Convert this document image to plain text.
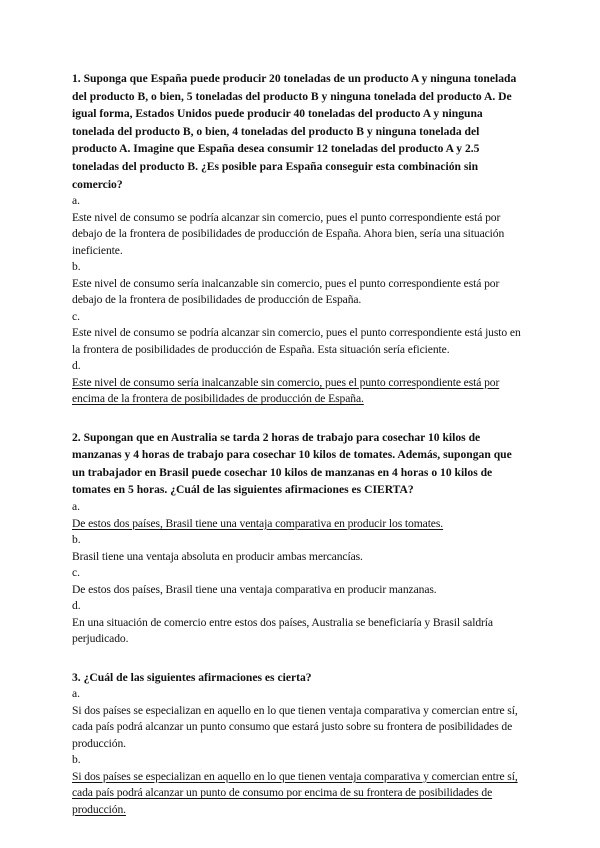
1. Suponga que España puede producir 20 toneladas de un producto A y ninguna tonelada del producto B, o bien, 5 toneladas del producto B y ninguna tonelada del producto A. De igual forma, Estados Unidos puede producir 40 toneladas del producto A y ninguna tonelada del producto B, o bien, 4 toneladas del producto B y ninguna tonelada del producto A. Imagine que España desea consumir 12 toneladas del producto A y 2.5 toneladas del producto B. ¿Es posible para España conseguir esta combinación sin comercio?

a.

Este nivel de consumo se podría alcanzar sin comercio, pues el punto correspondiente está por debajo de la frontera de posibilidades de producción de España. Ahora bien, sería una situación ineficiente.

b.

Este nivel de consumo sería inalcanzable sin comercio, pues el punto correspondiente está por debajo de la frontera de posibilidades de producción de España.

c.

Este nivel de consumo se podría alcanzar sin comercio, pues el punto correspondiente está justo en la frontera de posibilidades de producción de España. Esta situación sería eficiente.

d.

Este nivel de consumo sería inalcanzable sin comercio, pues el punto correspondiente está por encima de la frontera de posibilidades de producción de España.

2. Supongan que en Australia se tarda 2 horas de trabajo para cosechar 10 kilos de manzanas y 4 horas de trabajo para cosechar 10 kilos de tomates. Además, supongan que un trabajador en Brasil puede cosechar 10 kilos de manzanas en 4 horas o 10 kilos de tomates en 5 horas. ¿Cuál de las siguientes afirmaciones es CIERTA?

a.

De estos dos países, Brasil tiene una ventaja comparativa en producir los tomates.

b.

Brasil tiene una ventaja absoluta en producir ambas mercancías.

c.

De estos dos países, Brasil tiene una ventaja comparativa en producir manzanas.

d.

En una situación de comercio entre estos dos países, Australia se beneficiaría y Brasil saldría perjudicado.

3. ¿Cuál de las siguientes afirmaciones es cierta?

a.

Si dos países se especializan en aquello en lo que tienen ventaja comparativa y comercian entre sí, cada país podrá alcanzar un punto consumo que estará justo sobre su frontera de posibilidades de producción.

b.

Si dos países se especializan en aquello en lo que tienen ventaja comparativa y comercian entre sí, cada país podrá alcanzar un punto de consumo por encima de su frontera de posibilidades de producción.
